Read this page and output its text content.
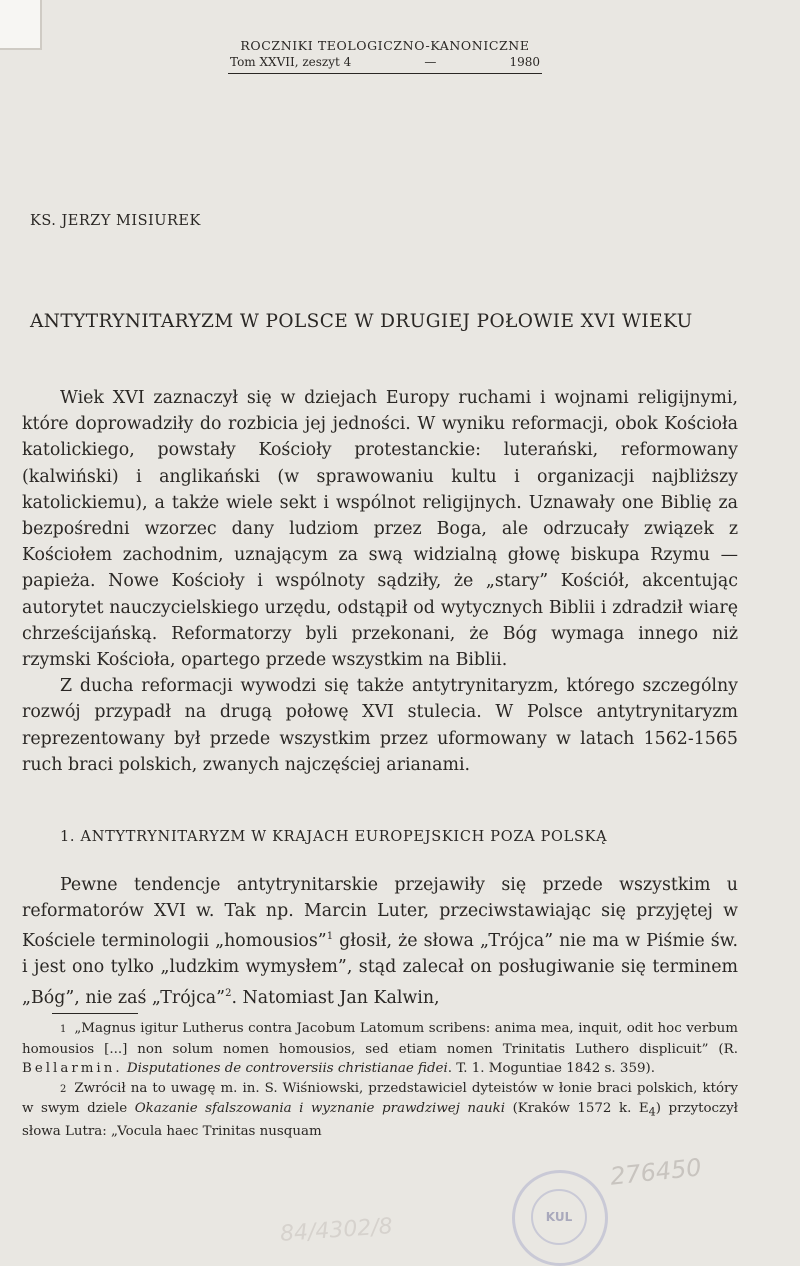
ROCZNIKI TEOLOGICZNO-KANONICZNE
Tom XXVII, zeszyt 4	—	1980
KS. JERZY MISIUREK
ANTYTRYNITARYZM W POLSCE W DRUGIEJ POŁOWIE XVI WIEKU

Wiek XVI zaznaczył się w dziejach Europy ruchami i wojnami religijnymi, które doprowadziły do rozbicia jej jedności. W wyniku reformacji, obok Kościoła katolickiego, powstały Kościoły protestanckie: luterański, reformowany (kalwiński) i anglikański (w sprawowaniu kultu i organizacji najbliższy katolickiemu), a także wiele sekt i wspólnot religijnych. Uznawały one Biblię za bezpośredni wzorzec dany ludziom przez Boga, ale odrzucały związek z Kościołem zachodnim, uznającym za swą widzialną głowę biskupa Rzymu — papieża. Nowe Kościoły i wspólnoty sądziły, że „stary” Kościół, akcentując autorytet nauczycielskiego urzędu, odstąpił od wytycznych Biblii i zdradził wiarę chrześcijańską. Reformatorzy byli przekonani, że Bóg wymaga innego niż rzymski Kościoła, opartego przede wszystkim na Biblii.

Z ducha reformacji wywodzi się także antytrynitaryzm, którego szczególny rozwój przypadł na drugą połowę XVI stulecia. W Polsce antytrynitaryzm reprezentowany był przede wszystkim przez uformowany w latach 1562-1565 ruch braci polskich, zwanych najczęściej arianami.

1. ANTYTRYNITARYZM W KRAJACH EUROPEJSKICH POZA POLSKĄ

Pewne tendencje antytrynitarskie przejawiły się przede wszystkim u reformatorów XVI w. Tak np. Marcin Luter, przeciwstawiając się przyjętej w Kościele terminologii „homousios”$^1$ głosił, że słowa „Trójca” nie ma w Piśmie św. i jest ono tylko „ludzkim wymysłem”, stąd zalecał on posługiwanie się terminem „Bóg”, nie zaś „Trójca”$^2$. Natomiast Jan Kalwin,

1 „Magnus igitur Lutherus contra Jacobum Latomum scribens: anima mea, inquit, odit hoc verbum homousios [...] non solum nomen homousios, sed etiam nomen Trinitatis Luthero displicuit” (R. Bellarmin. Disputationes de controversiis christianae fidei. T. 1. Moguntiae 1842 s. 359).

2 Zwrócił na to uwagę m. in. S. Wiśniowski, przedstawiciel dyteistów w łonie braci polskich, który w swym dziele Okazanie sfalszowania i wyznanie prawdziwej nauki (Kraków 1572 k. $E_4$) przytoczył słowa Lutra: „Vocula haec Trinitas nusquam

KUL
276450
84/4302/8
